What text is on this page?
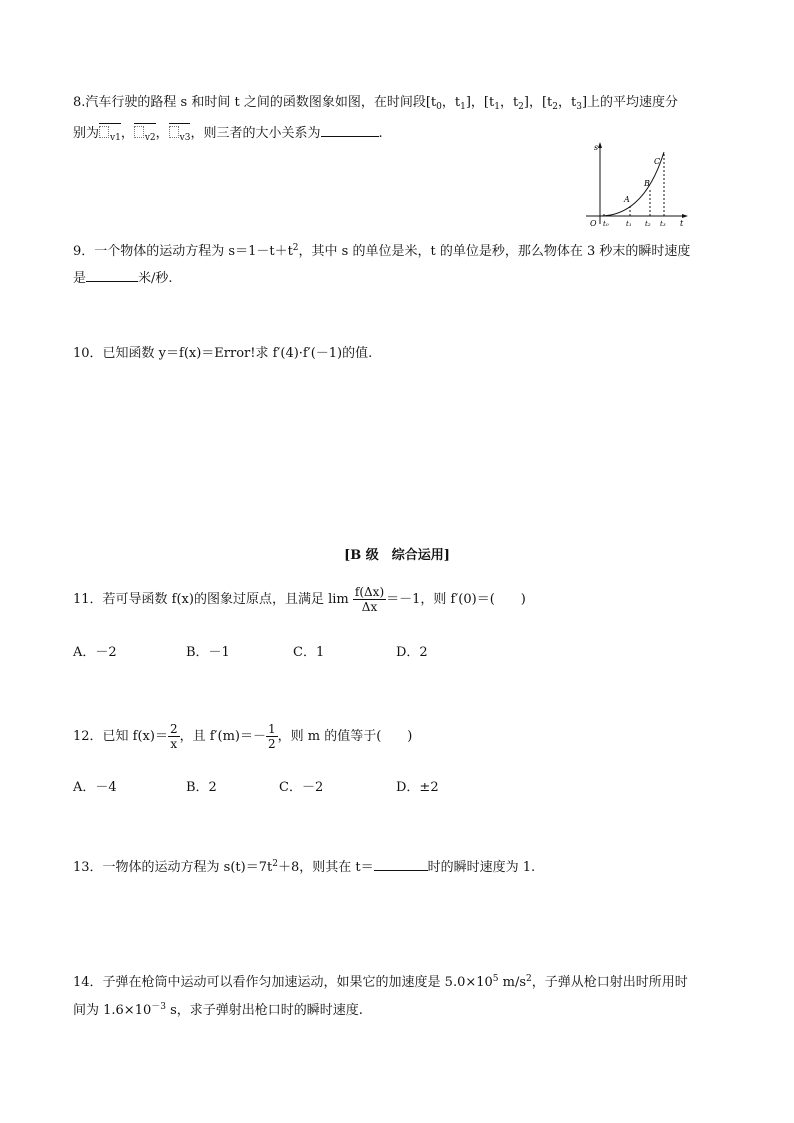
8.汽车行驶的路程 s 和时间 t 之间的函数图象如图，在时间段[$t_0$，$t_1$]，[$t_1$，$t_2$]，[$t_2$，$t_3$]上的平均速度分
别为 $_{v1}$， $_{v2}$， $_{v3}$，则三者的大小关系为	.
s
t
O
A
B
C
t₀ t₁ t₂ t₃
9．一个物体的运动方程为 $s=1-t+t^2$，其中 s 的单位是米，t 的单位是秒，那么物体在 3 秒末的瞬时速度
是	米/秒.
10．已知函数 y＝f(x)＝Error!求 f′(4)·f′(－1)的值.
[B 级　综合运用]
11．若可导函数 f(x)的图象过原点，且满足 $\lim \frac{f(\Delta x)}{\Delta x} =-1$，则 f′(0)＝(　　)
A．－2	B．－1	C．1	D．2
12．已知 $f(x)= \frac{2}{x}$ ，且 $f'(m)=- \frac{1}{2}$ ，则 m 的值等于(　　)
A．－4	B．2	C．－2	D．±2
13．一物体的运动方程为 $s(t)=7t^2+8$，则其在 t＝	时的瞬时速度为 1.
14．子弹在枪筒中运动可以看作匀加速运动，如果它的加速度是 $5.0\times 10^5$ $m/s^2$，子弹从枪口射出时所用时
间为 $1.6\times 10^{-3}$ s，求子弹射出枪口时的瞬时速度.
